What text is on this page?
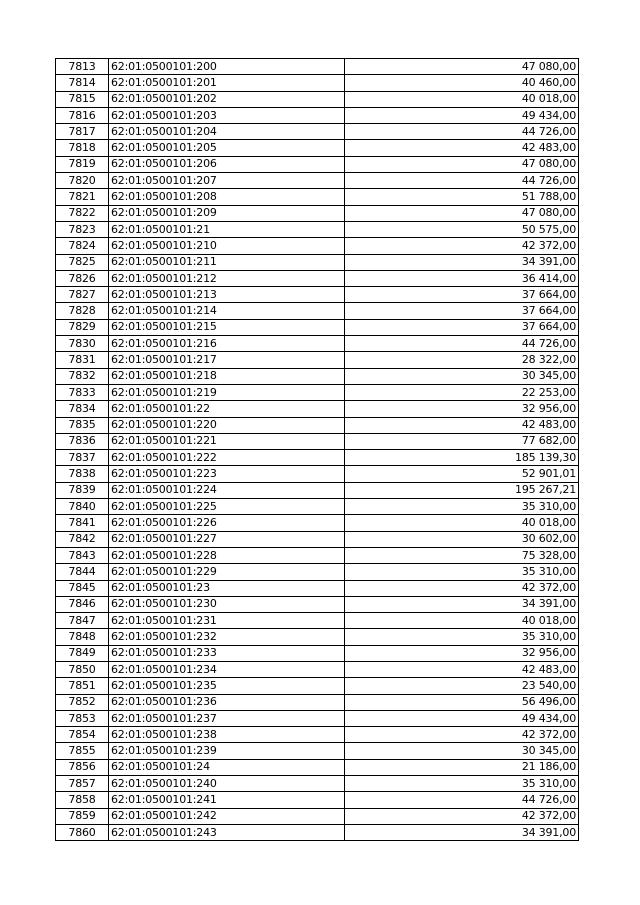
7813	62:01:0500101:200	47 080,00
7814	62:01:0500101:201	40 460,00
7815	62:01:0500101:202	40 018,00
7816	62:01:0500101:203	49 434,00
7817	62:01:0500101:204	44 726,00
7818	62:01:0500101:205	42 483,00
7819	62:01:0500101:206	47 080,00
7820	62:01:0500101:207	44 726,00
7821	62:01:0500101:208	51 788,00
7822	62:01:0500101:209	47 080,00
7823	62:01:0500101:21	50 575,00
7824	62:01:0500101:210	42 372,00
7825	62:01:0500101:211	34 391,00
7826	62:01:0500101:212	36 414,00
7827	62:01:0500101:213	37 664,00
7828	62:01:0500101:214	37 664,00
7829	62:01:0500101:215	37 664,00
7830	62:01:0500101:216	44 726,00
7831	62:01:0500101:217	28 322,00
7832	62:01:0500101:218	30 345,00
7833	62:01:0500101:219	22 253,00
7834	62:01:0500101:22	32 956,00
7835	62:01:0500101:220	42 483,00
7836	62:01:0500101:221	77 682,00
7837	62:01:0500101:222	185 139,30
7838	62:01:0500101:223	52 901,01
7839	62:01:0500101:224	195 267,21
7840	62:01:0500101:225	35 310,00
7841	62:01:0500101:226	40 018,00
7842	62:01:0500101:227	30 602,00
7843	62:01:0500101:228	75 328,00
7844	62:01:0500101:229	35 310,00
7845	62:01:0500101:23	42 372,00
7846	62:01:0500101:230	34 391,00
7847	62:01:0500101:231	40 018,00
7848	62:01:0500101:232	35 310,00
7849	62:01:0500101:233	32 956,00
7850	62:01:0500101:234	42 483,00
7851	62:01:0500101:235	23 540,00
7852	62:01:0500101:236	56 496,00
7853	62:01:0500101:237	49 434,00
7854	62:01:0500101:238	42 372,00
7855	62:01:0500101:239	30 345,00
7856	62:01:0500101:24	21 186,00
7857	62:01:0500101:240	35 310,00
7858	62:01:0500101:241	44 726,00
7859	62:01:0500101:242	42 372,00
7860	62:01:0500101:243	34 391,00
